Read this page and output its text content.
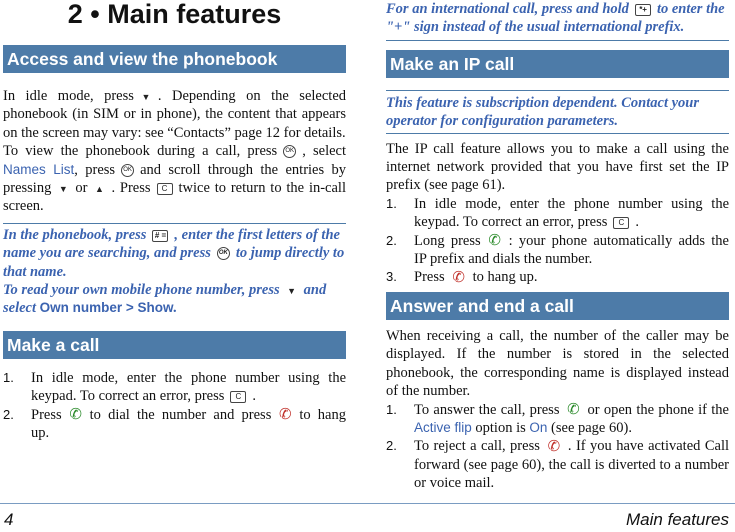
2 • Main features
Access and view the phonebook

In idle mode, press ▼ . Depending on the selected phonebook (in SIM or in phone), the content that appears on the screen may vary: see “Contacts” page 12 for details.

To view the phonebook during a call, press OK , select Names List, press OK and scroll through the entries by pressing ▼ or ▲ . Press C twice to return to the in-call screen.

In the phonebook, press # = , enter the first letters of the name you are searching, and press OK to jump directly to that name.
To read your own mobile phone number, press ▼ and select Own number > Show.
Make a call
1. In idle mode, enter the phone number using the keypad. To correct an error, press C .
2. Press ✆ to dial the number and press ✆ to hang up.
For an international call, press and hold *+ to enter the "+" sign instead of the usual international prefix.
Make an IP call
This feature is subscription dependent. Contact your operator for configuration parameters.

The IP call feature allows you to make a call using the internet network provided that you have first set the IP prefix (see page 61).

1. In idle mode, enter the phone number using the keypad. To correct an error, press C .
2. Long press ✆ : your phone automatically adds the IP prefix and dials the number.
3. Press ✆ to hang up.
Answer and end a call

When receiving a call, the number of the caller may be displayed. If the number is stored in the selected phonebook, the corresponding name is displayed instead of the number.

1. To answer the call, press ✆ or open the phone if the Active flip option is On (see page 60).
2. To reject a call, press ✆ . If you have activated Call forward (see page 60), the call is diverted to a number or voice mail.
4	Main features
